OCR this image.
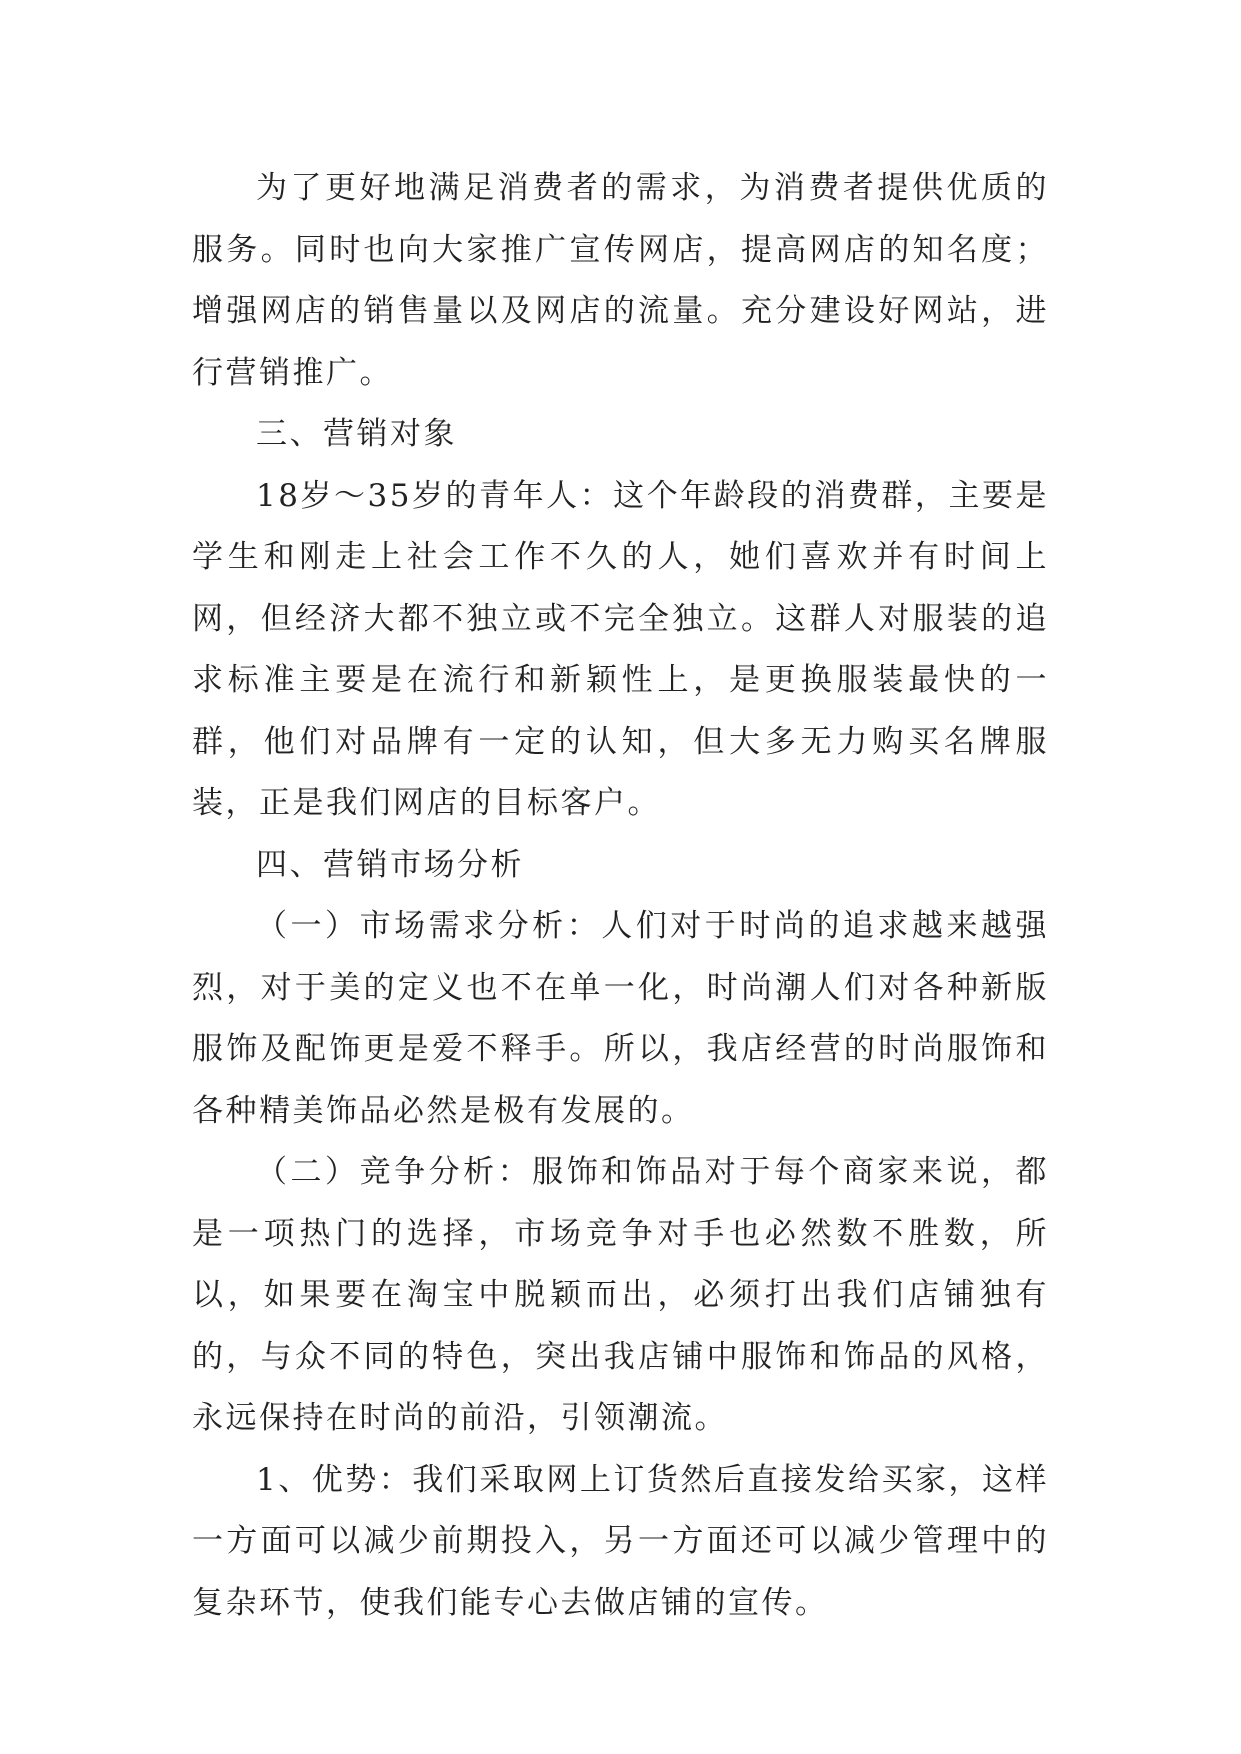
为了更好地满足消费者的需求，为消费者提供优质的服务。同时也向大家推广宣传网店，提高网店的知名度；增强网店的销售量以及网店的流量。充分建设好网站，进行营销推广。

三、营销对象

18岁～35岁的青年人：这个年龄段的消费群，主要是学生和刚走上社会工作不久的人，她们喜欢并有时间上网，但经济大都不独立或不完全独立。这群人对服装的追求标准主要是在流行和新颖性上，是更换服装最快的一群，他们对品牌有一定的认知，但大多无力购买名牌服装，正是我们网店的目标客户。

四、营销市场分析

（一）市场需求分析：人们对于时尚的追求越来越强烈，对于美的定义也不在单一化，时尚潮人们对各种新版服饰及配饰更是爱不释手。所以，我店经营的时尚服饰和各种精美饰品必然是极有发展的。

（二）竞争分析：服饰和饰品对于每个商家来说，都是一项热门的选择，市场竞争对手也必然数不胜数，所以，如果要在淘宝中脱颖而出，必须打出我们店铺独有的，与众不同的特色，突出我店铺中服饰和饰品的风格，永远保持在时尚的前沿，引领潮流。

1、优势：我们采取网上订货然后直接发给买家，这样一方面可以减少前期投入，另一方面还可以减少管理中的复杂环节，使我们能专心去做店铺的宣传。
